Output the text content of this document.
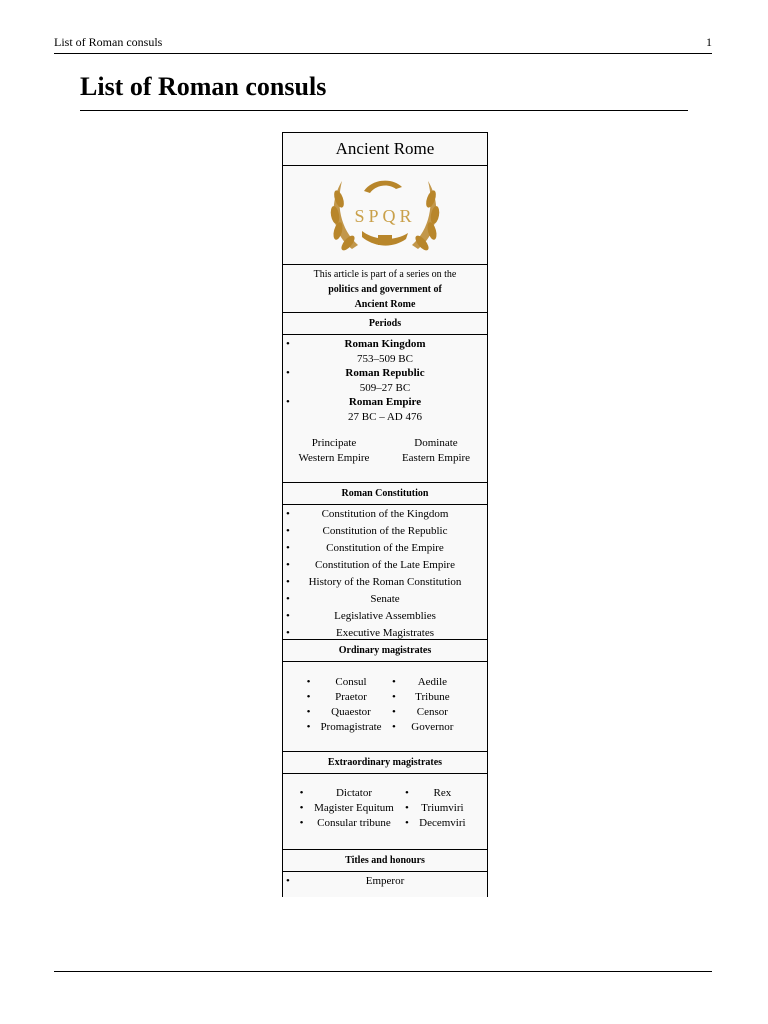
List of Roman consuls	1
List of Roman consuls
Ancient Rome
SPQR
This article is part of a series on the
politics and government of
Ancient Rome
Periods
•	Roman Kingdom
753–509 BC
•	Roman Republic
509–27 BC
•	Roman Empire
27 BC – AD 476
Principate	Dominate
Western Empire	Eastern Empire
Roman Constitution
•	Constitution of the Kingdom
•	Constitution of the Republic
•	Constitution of the Empire
• Constitution of the Late Empire
• History of the Roman Constitution
•	Senate
•	Legislative Assemblies
•	Executive Magistrates
Ordinary magistrates
• Consul	• Aedile
• Praetor	• Tribune
• Quaestor	• Censor
• Promagistrate • Governor
Extraordinary magistrates
•	Dictator	• Rex
• Magister Equitum	• Triumviri
• Consular tribune	• Decemviri
Titles and honours
•	Emperor
